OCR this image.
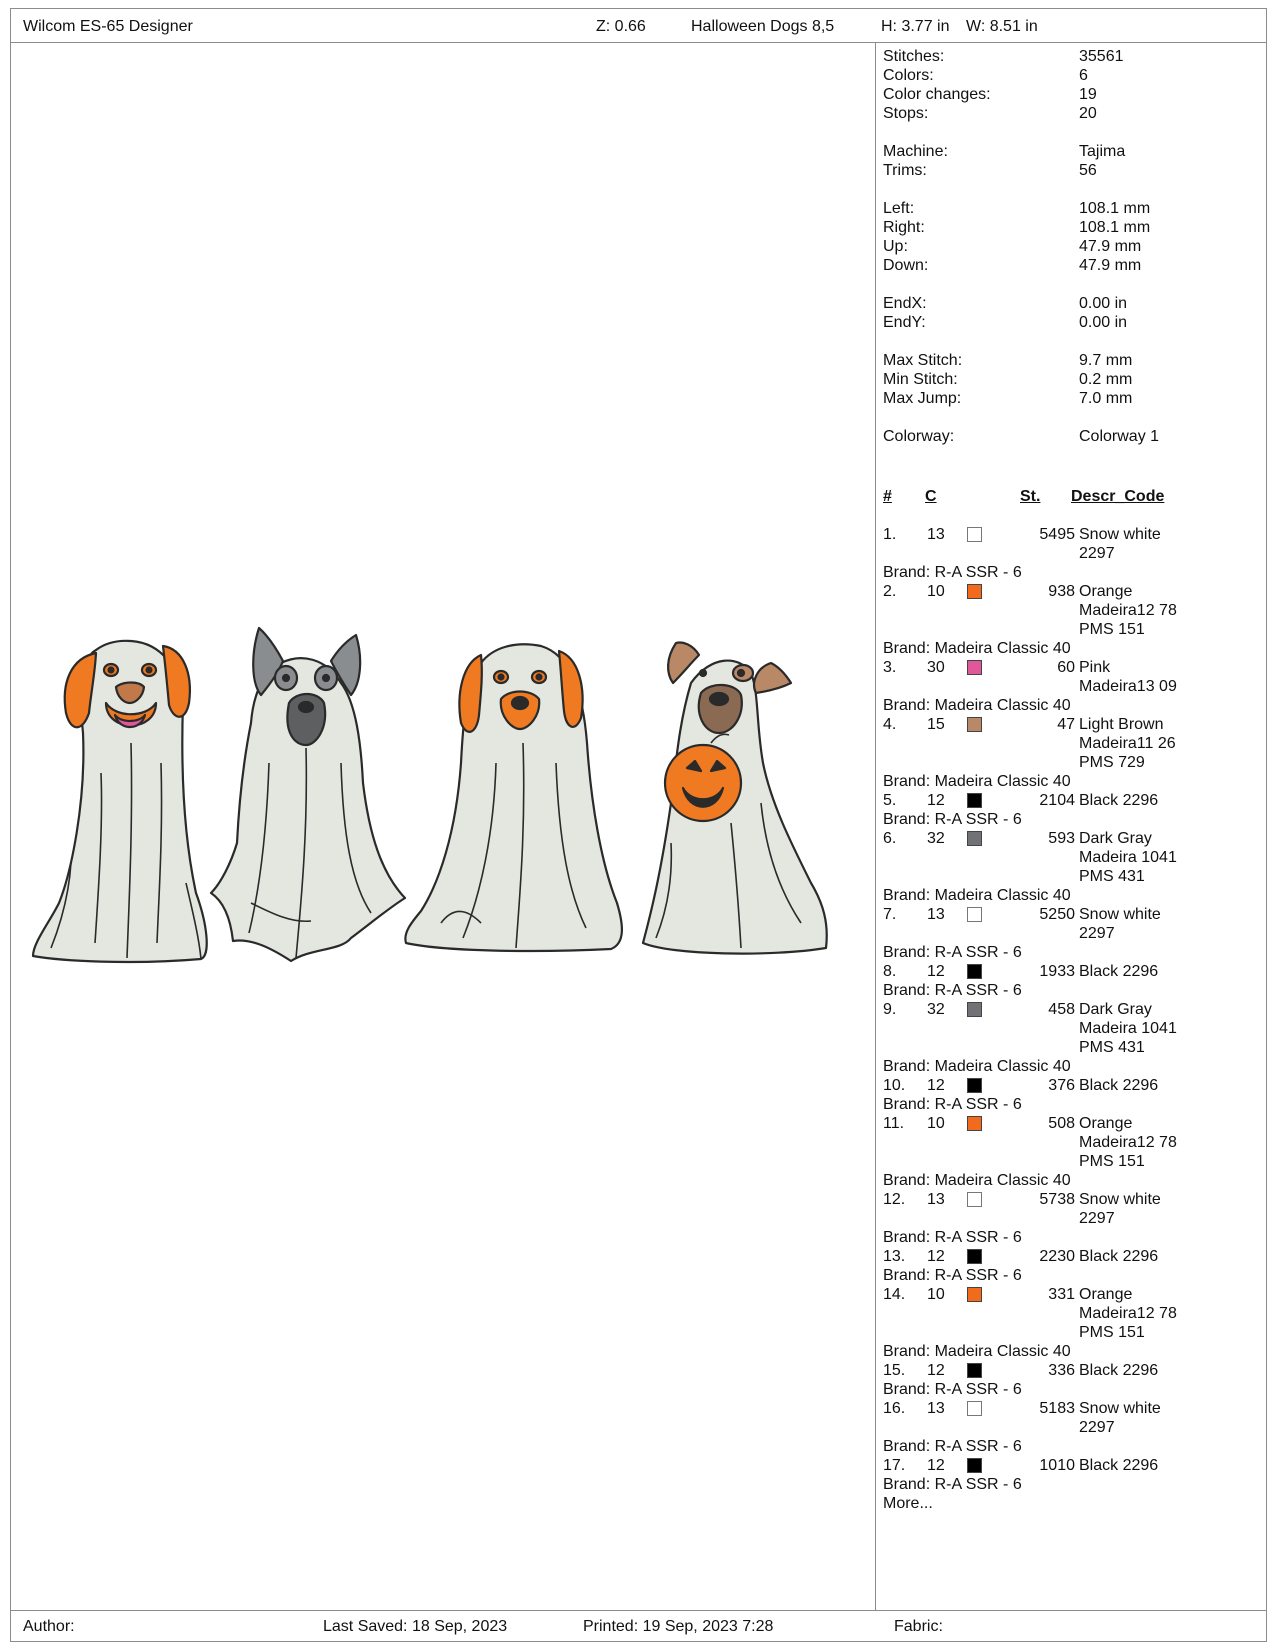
Wilcom ES-65 Designer	Z: 0.66	Halloween Dogs 8,5	H: 3.77 in W: 8.51 in
Stitches:	35561
Colors:	6
Color changes:	19
Stops:	20
Machine:	Tajima
Trims:	56
Left:	108.1 mm
Right:	108.1 mm
Up:	47.9 mm
Down:	47.9 mm
EndX:	0.00 in
EndY:	0.00 in
Max Stitch:	9.7 mm
Min Stitch:	0.2 mm
Max Jump:	7.0 mm
Colorway:	Colorway 1
# C	St. Descr_Code
1. 13	5495 Snow white
2297
Brand: R-A SSR - 6
2. 10	938 Orange
Madeira12 78
PMS 151
Brand: Madeira Classic 40
3. 30	60 Pink
Madeira13 09
Brand: Madeira Classic 40
4. 15	47 Light Brown
Madeira11 26
PMS 729
Brand: Madeira Classic 40
5. 12	2104 Black 2296
Brand: R-A SSR - 6
6. 32	593 Dark Gray
Madeira 1041
PMS 431
Brand: Madeira Classic 40
7. 13	5250 Snow white
2297
Brand: R-A SSR - 6
8. 12	1933 Black 2296
Brand: R-A SSR - 6
9. 32	458 Dark Gray
Madeira 1041
PMS 431
Brand: Madeira Classic 40
10. 12	376 Black 2296
Brand: R-A SSR - 6
11. 10	508 Orange
Madeira12 78
PMS 151
Brand: Madeira Classic 40
12. 13	5738 Snow white
2297
Brand: R-A SSR - 6
13. 12	2230 Black 2296
Brand: R-A SSR - 6
14. 10	331 Orange
Madeira12 78
PMS 151
Brand: Madeira Classic 40
15. 12	336 Black 2296
Brand: R-A SSR - 6
16. 13	5183 Snow white
2297
Brand: R-A SSR - 6
17. 12	1010 Black 2296
Brand: R-A SSR - 6
More...
Author:	Last Saved: 18 Sep, 2023	Printed: 19 Sep, 2023 7:28	Fabric:
